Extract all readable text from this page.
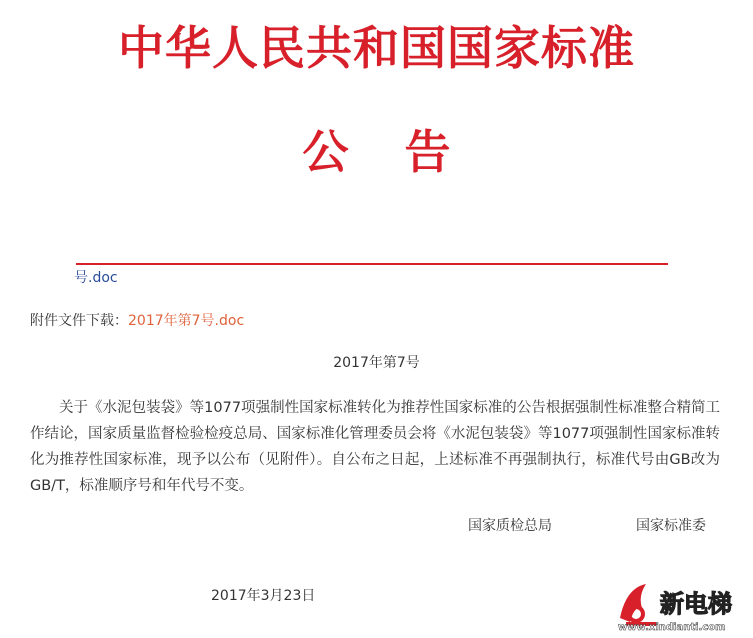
中华人民共和国国家标准
公 告
号.doc
附件文件下载：2017年第7号.doc
2017年第7号
关于《水泥包装袋》等1077项强制性国家标准转化为推荐性国家标准的公告根据强制性标准整合精简工作结论，国家质量监督检验检疫总局、国家标准化管理委员会将《水泥包装袋》等1077项强制性国家标准转化为推荐性国家标准，现予以公布（见附件）。自公布之日起，上述标准不再强制执行，标准代号由GB改为GB/T，标准顺序号和年代号不变。
国家质检总局	国家标准委
2017年3月23日	新电梯
www.xindianti.com
